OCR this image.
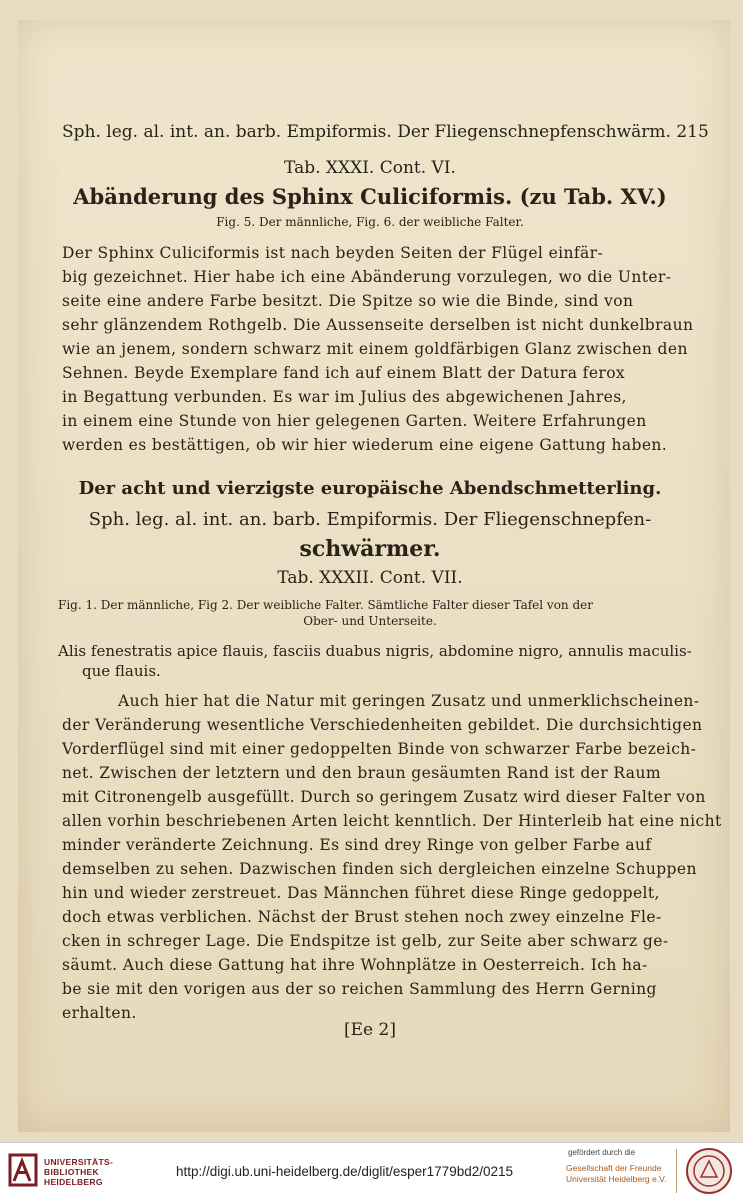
Sph. leg. al. int. an. barb. Empiformis. Der Fliegenschnepfenschwärm. 215
Tab. XXXI. Cont. VI.
Abänderung des Sphinx Culiciformis. (zu Tab. XV.)
Fig. 5. Der männliche, Fig. 6. der weibliche Falter.
Der Sphinx Culiciformis ist nach beyden Seiten der Flügel einfär-
big gezeichnet. Hier habe ich eine Abänderung vorzulegen, wo die Unter-
seite eine andere Farbe besitzt. Die Spitze so wie die Binde, sind von
sehr glänzendem Rothgelb. Die Aussenseite derselben ist nicht dunkelbraun
wie an jenem, sondern schwarz mit einem goldfärbigen Glanz zwischen den
Sehnen. Beyde Exemplare fand ich auf einem Blatt der Datura ferox
in Begattung verbunden. Es war im Julius des abgewichenen Jahres,
in einem eine Stunde von hier gelegenen Garten. Weitere Erfahrungen
werden es bestättigen, ob wir hier wiederum eine eigene Gattung haben.
Der acht und vierzigste europäische Abendschmetterling.
Sph. leg. al. int. an. barb. Empiformis. Der Fliegenschnepfen-
schwärmer.
Tab. XXXII. Cont. VII.
Fig. 1. Der männliche, Fig 2. Der weibliche Falter. Sämtliche Falter dieser Tafel von der
Ober- und Unterseite.
Alis fenestratis apice flauis, fasciis duabus nigris, abdomine nigro, annulis maculis-
que flauis.
Auch hier hat die Natur mit geringen Zusatz und unmerklichscheinen-
der Veränderung wesentliche Verschiedenheiten gebildet. Die durchsichtigen
Vorderflügel sind mit einer gedoppelten Binde von schwarzer Farbe bezeich-
net. Zwischen der letztern und den braun gesäumten Rand ist der Raum
mit Citronengelb ausgefüllt. Durch so geringem Zusatz wird dieser Falter von
allen vorhin beschriebenen Arten leicht kenntlich. Der Hinterleib hat eine nicht
minder veränderte Zeichnung. Es sind drey Ringe von gelber Farbe auf
demselben zu sehen. Dazwischen finden sich dergleichen einzelne Schuppen
hin und wieder zerstreuet. Das Männchen führet diese Ringe gedoppelt,
doch etwas verblichen. Nächst der Brust stehen noch zwey einzelne Fle-
cken in schreger Lage. Die Endspitze ist gelb, zur Seite aber schwarz ge-
säumt. Auch diese Gattung hat ihre Wohnplätze in Oesterreich. Ich ha-
be sie mit den vorigen aus der so reichen Sammlung des Herrn Gerning
erhalten.
[Ee 2]
UNIVERSITÄTS-
BIBLIOTHEK
HEIDELBERG
http://digi.ub.uni-heidelberg.de/diglit/esper1779bd2/0215
gefördert durch die
Gesellschaft der Freunde
Universität Heidelberg e.V.
